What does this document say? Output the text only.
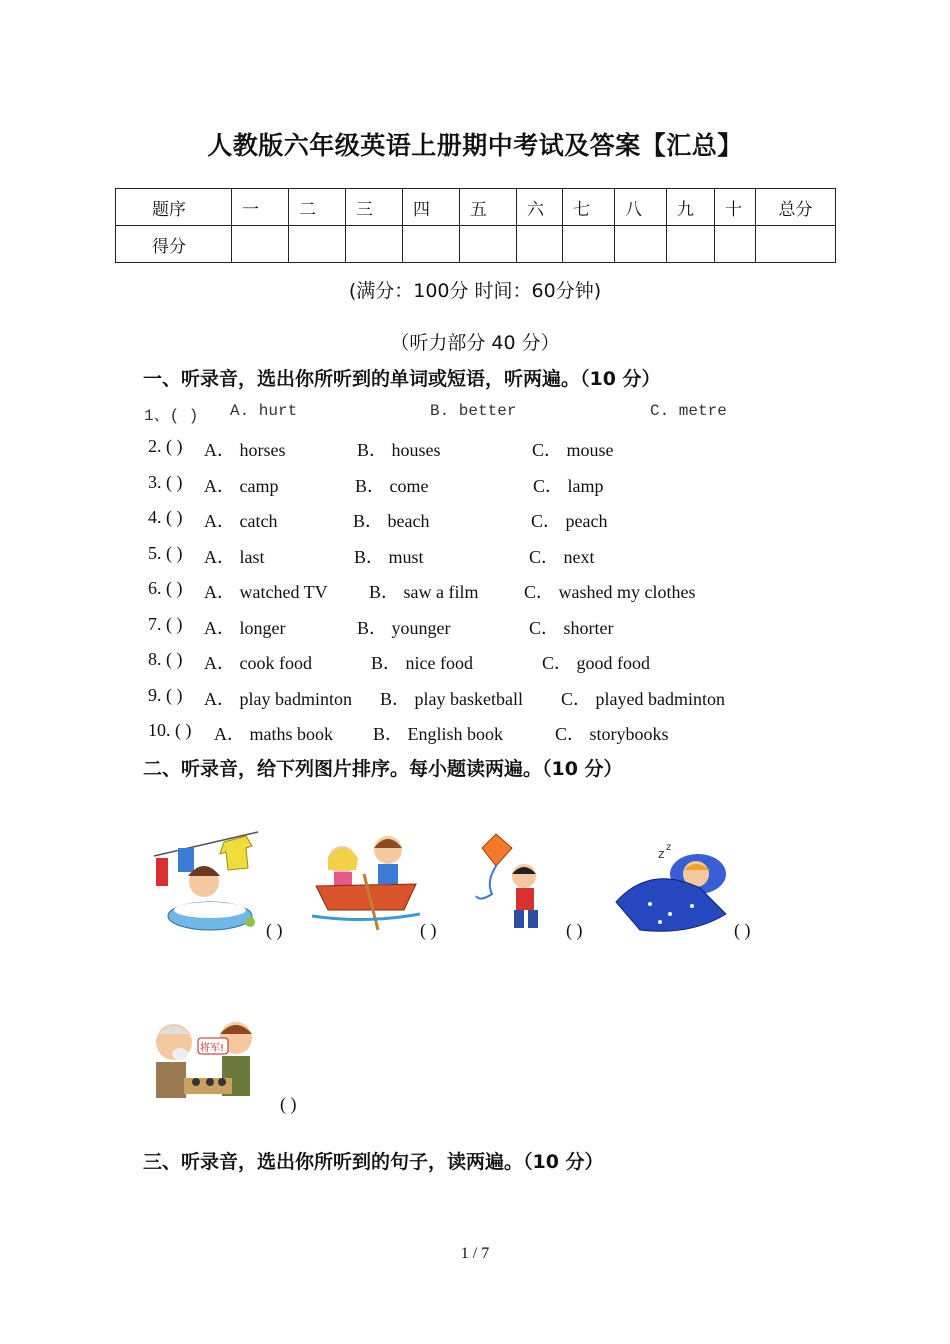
人教版六年级英语上册期中考试及答案【汇总】
题序	一	二	三	四	五	六	七	八	九	十	总分
得分											
(满分：100分 时间：60分钟)
（听力部分 40 分）
一、听录音，选出你所听到的单词或短语，听两遍。（10 分）
1、( ) A. hurt	B. better	C. metre
2. ( ) A． horses	B． houses	C． mouse
3. ( ) A． camp	B． come	C． lamp
4. ( ) A． catch	B． beach	C． peach
5. ( ) A． last	B． must	C． next
6. ( ) A． watched TV B． saw a film	C． washed my clothes
7. ( ) A． longer	B． younger	C． shorter
8. ( ) A． cook food	B． nice food	C． good food
9. ( ) A． play badminton B． play basketball C． played badminton
10. ( ) A． maths book B． English book	C． storybooks
二、听录音，给下列图片排序。每小题读两遍。（10 分）
( )	( )	( )
z z
( )
将军!
( )
三、听录音，选出你所听到的句子，读两遍。（10 分）
1 / 7
